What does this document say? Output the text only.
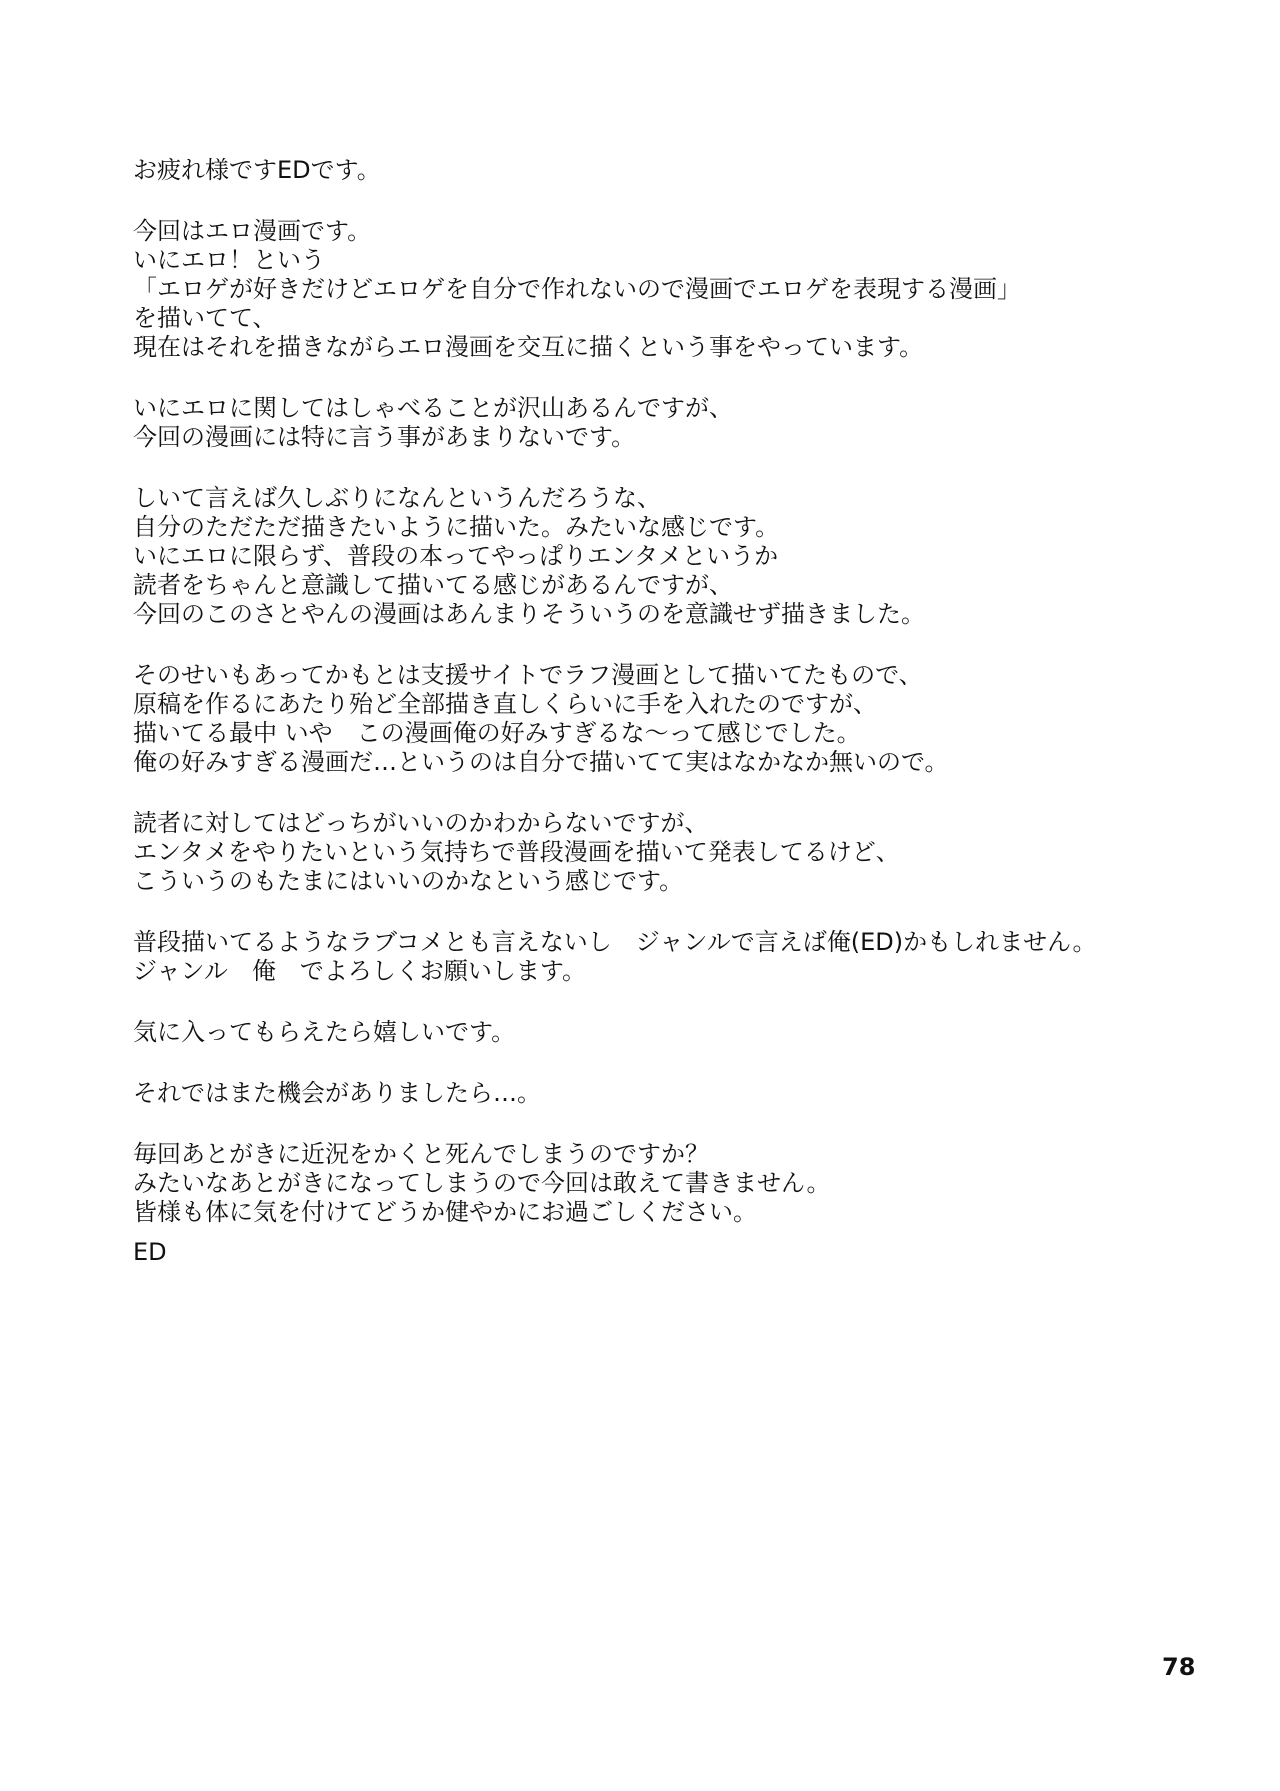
お疲れ様ですEDです。
今回はエロ漫画です。
いにエロ！という
「エロゲが好きだけどエロゲを自分で作れないので漫画でエロゲを表現する漫画」
を描いてて、
現在はそれを描きながらエロ漫画を交互に描くという事をやっています。
いにエロに関してはしゃべることが沢山あるんですが、
今回の漫画には特に言う事があまりないです。
しいて言えば久しぶりになんというんだろうな、
自分のただただ描きたいように描いた。みたいな感じです。
いにエロに限らず、普段の本ってやっぱりエンタメというか
読者をちゃんと意識して描いてる感じがあるんですが、
今回のこのさとやんの漫画はあんまりそういうのを意識せず描きました。
そのせいもあってかもとは支援サイトでラフ漫画として描いてたもので、
原稿を作るにあたり殆ど全部描き直しくらいに手を入れたのですが、
描いてる最中 いや　この漫画俺の好みすぎるな〜って感じでした。
俺の好みすぎる漫画だ…というのは自分で描いてて実はなかなか無いので。
読者に対してはどっちがいいのかわからないですが、
エンタメをやりたいという気持ちで普段漫画を描いて発表してるけど、
こういうのもたまにはいいのかなという感じです。
普段描いてるようなラブコメとも言えないし　ジャンルで言えば俺(ED)かもしれません。
ジャンル　俺　でよろしくお願いします。
気に入ってもらえたら嬉しいです。
それではまた機会がありましたら…。
毎回あとがきに近況をかくと死んでしまうのですか？
みたいなあとがきになってしまうので今回は敢えて書きません。
皆様も体に気を付けてどうか健やかにお過ごしください。
ED
78
